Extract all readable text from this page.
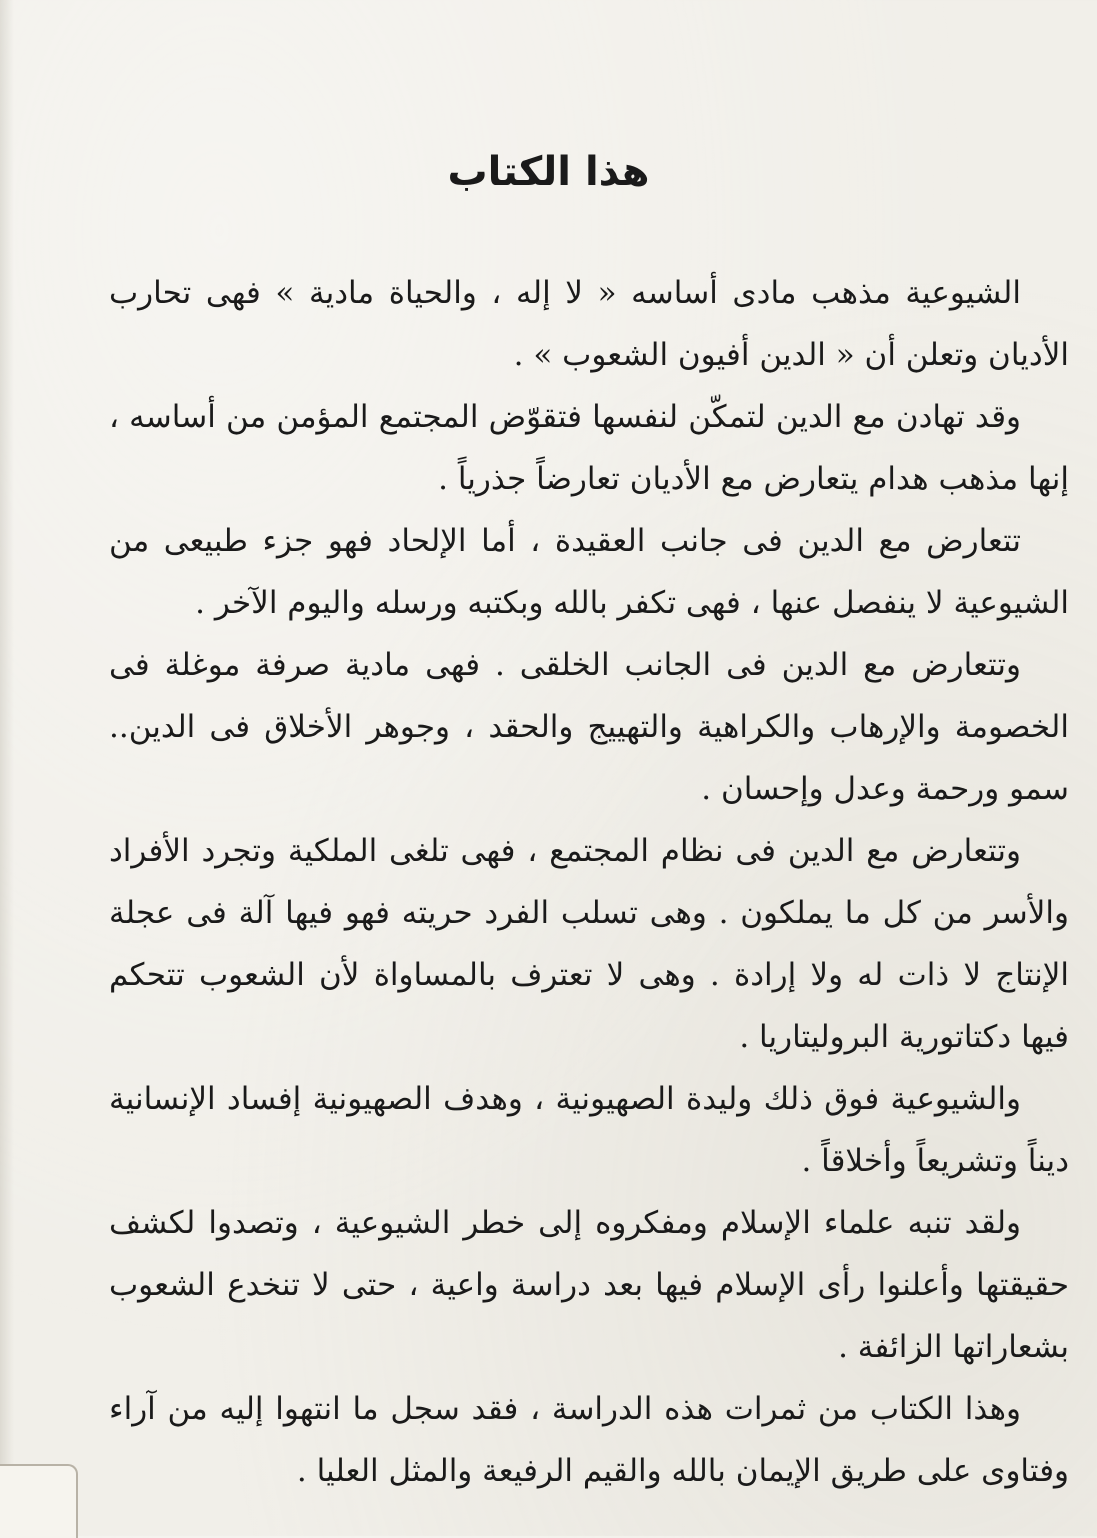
هذا الكتاب

الشيوعية مذهب مادى أساسه « لا إله ، والحياة مادية » فهى تحارب الأديان وتعلن أن « الدين أفيون الشعوب » .

وقد تهادن مع الدين لتمكّن لنفسها فتقوّض المجتمع المؤمن من أساسه ، إنها مذهب هدام يتعارض مع الأديان تعارضاً جذرياً .

تتعارض مع الدين فى جانب العقيدة ، أما الإلحاد فهو جزء طبيعى من الشيوعية لا ينفصل عنها ، فهى تكفر بالله وبكتبه ورسله واليوم الآخر .

وتتعارض مع الدين فى الجانب الخلقى . فهى مادية صرفة موغلة فى الخصومة والإرهاب والكراهية والتهييج والحقد ، وجوهر الأخلاق فى الدين.. سمو ورحمة وعدل وإحسان .

وتتعارض مع الدين فى نظام المجتمع ، فهى تلغى الملكية وتجرد الأفراد والأسر من كل ما يملكون . وهى تسلب الفرد حريته فهو فيها آلة فى عجلة الإنتاج لا ذات له ولا إرادة . وهى لا تعترف بالمساواة لأن الشعوب تتحكم فيها دكتاتورية البروليتاريا .

والشيوعية فوق ذلك وليدة الصهيونية ، وهدف الصهيونية إفساد الإنسانية ديناً وتشريعاً وأخلاقاً .

ولقد تنبه علماء الإسلام ومفكروه إلى خطر الشيوعية ، وتصدوا لكشف حقيقتها وأعلنوا رأى الإسلام فيها بعد دراسة واعية ، حتى لا تنخدع الشعوب بشعاراتها الزائفة .

وهذا الكتاب من ثمرات هذه الدراسة ، فقد سجل ما انتهوا إليه من آراء وفتاوى على طريق الإيمان بالله والقيم الرفيعة والمثل العليا .
